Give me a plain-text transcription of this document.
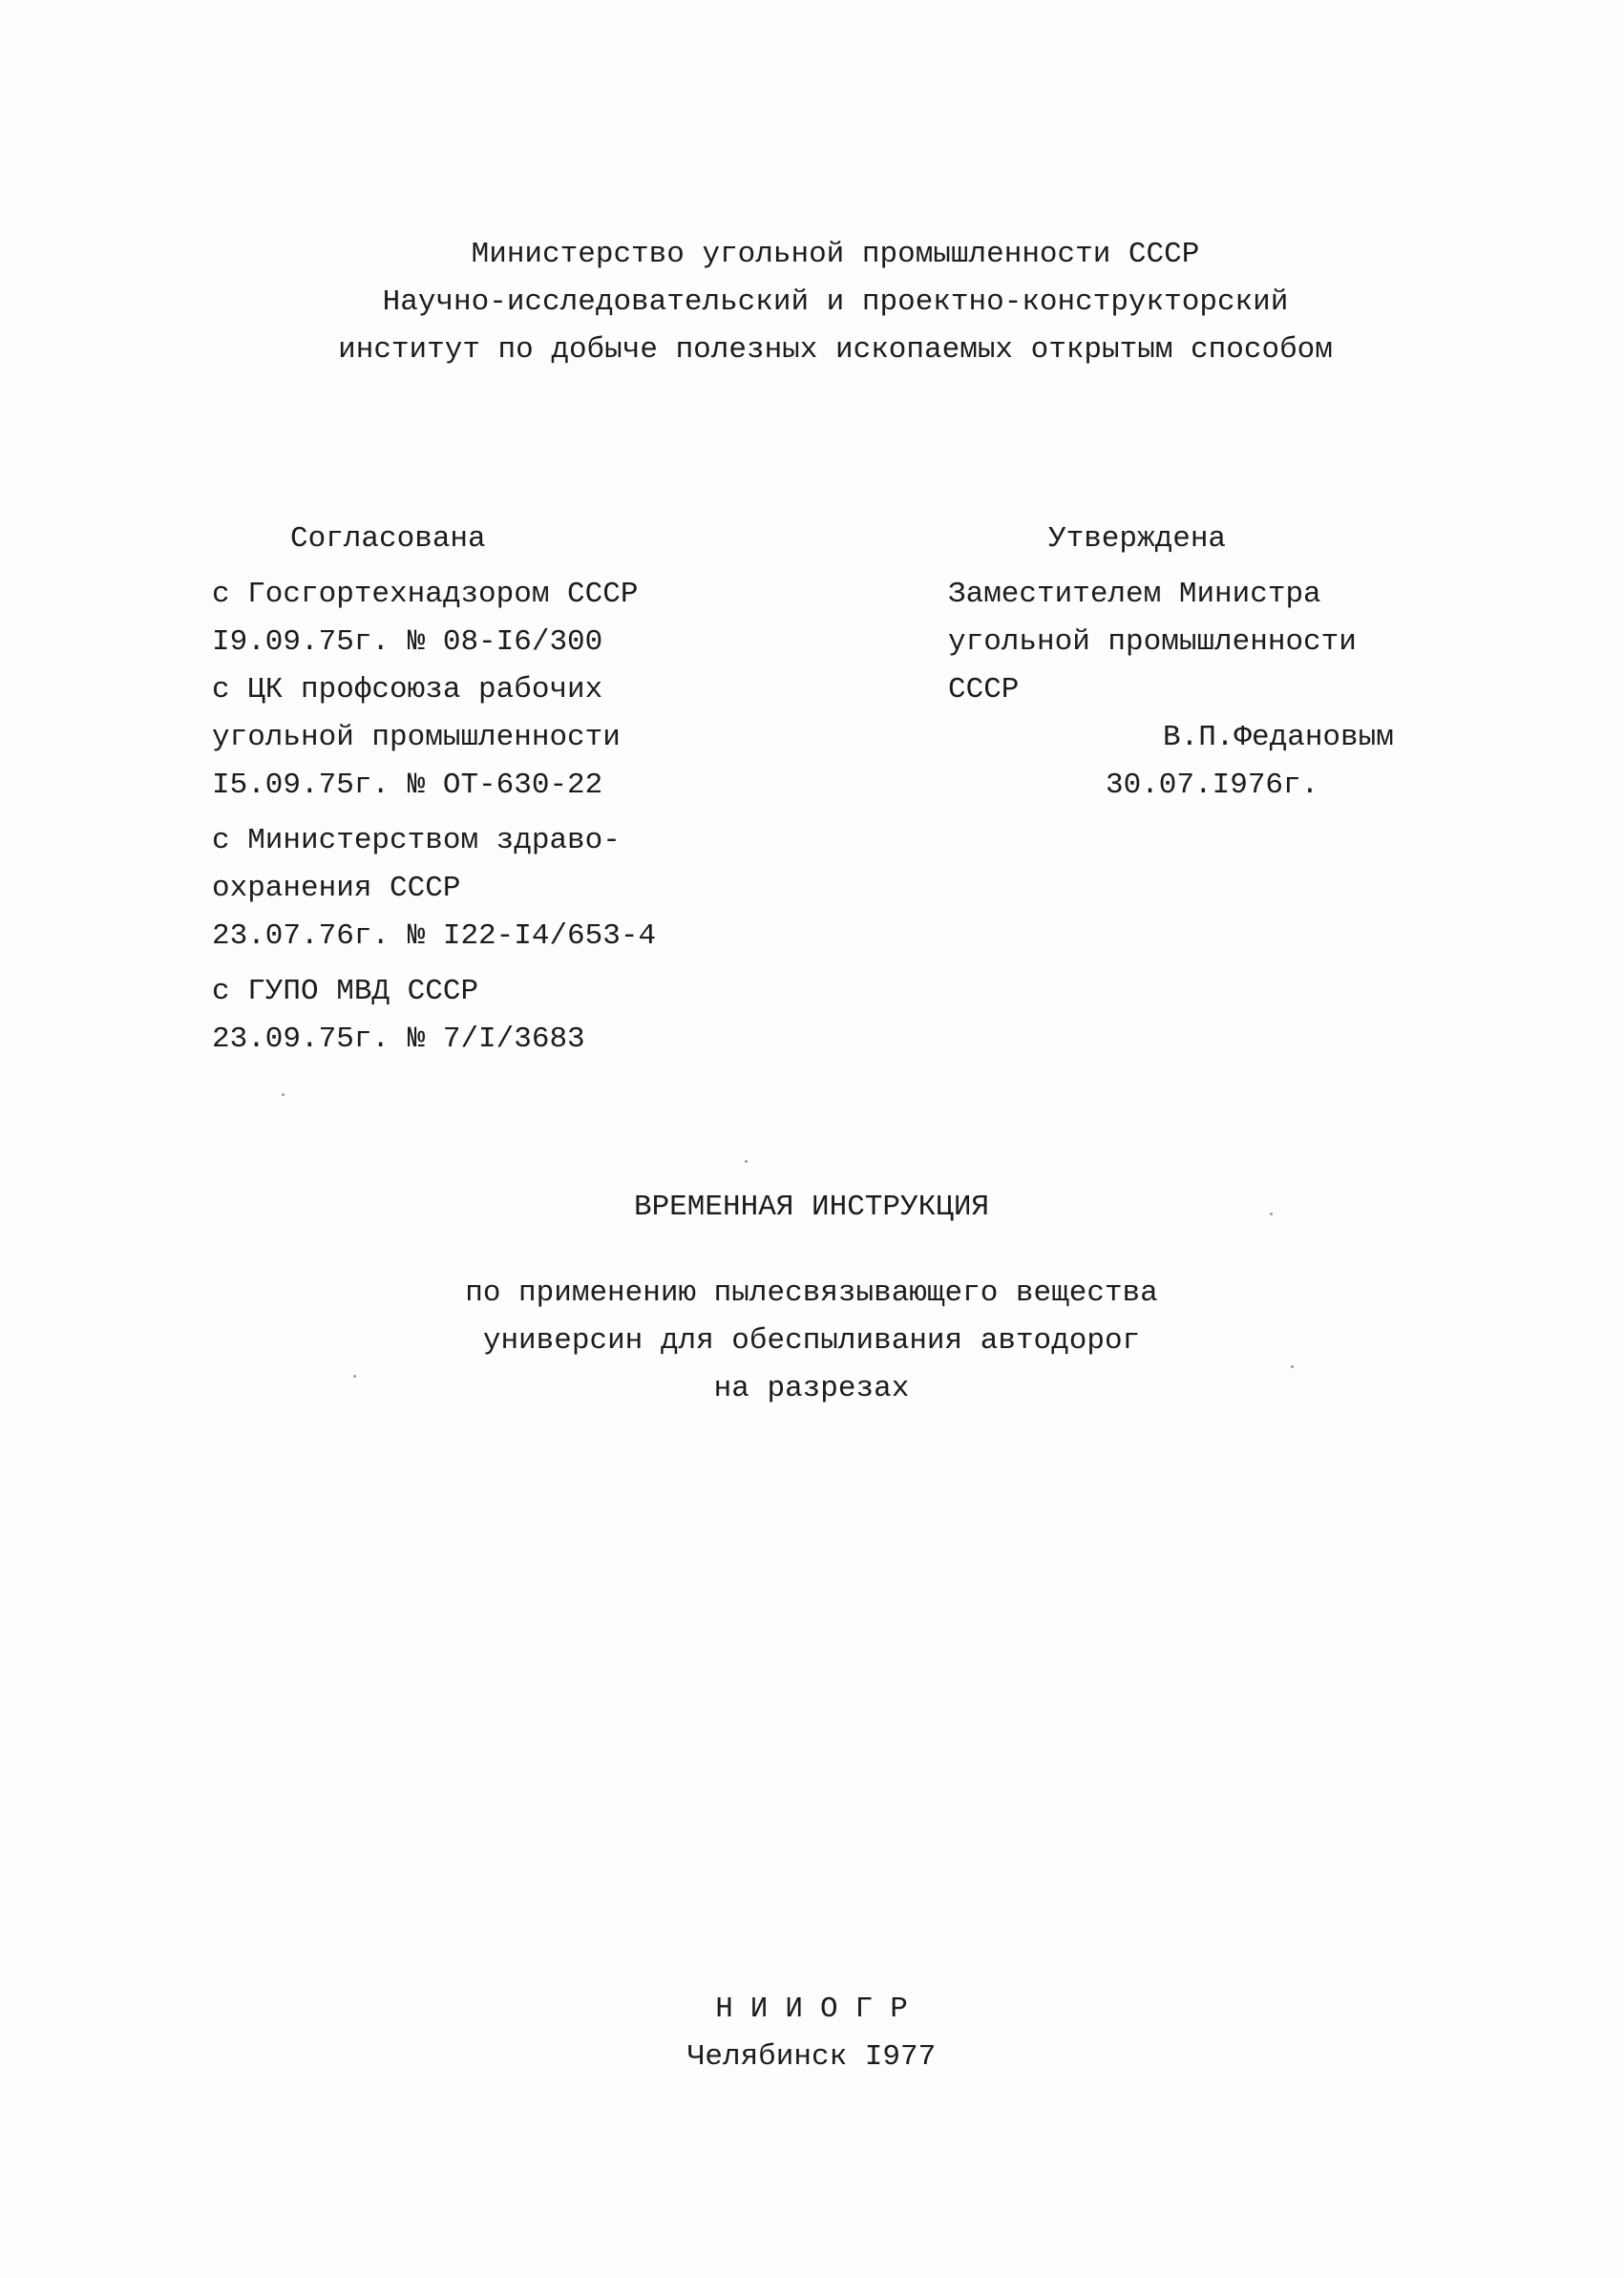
Министерство угольной промышленности СССР
Научно-исследовательский и проектно-конструкторский
институт по добыче полезных ископаемых открытым способом
Согласована
с Госгортехнадзором СССР
I9.09.75г. № 08-I6/300
с ЦК профсоюза рабочих
угольной промышленности
I5.09.75г. № ОТ-630-22
с Министерством здраво-
охранения СССР
23.07.76г. № I22-I4/653-4
с ГУПО МВД СССР
23.09.75г. № 7/I/3683
Утверждена
Заместителем Министра
угольной промышленности
СССР
В.П.Федановым
30.07.I976г.
ВРЕМЕННАЯ ИНСТРУКЦИЯ
по применению пылесвязывающего вещества
универсин для обеспыливания автодорог
на разрезах
НИИОГР
Челябинск I977
